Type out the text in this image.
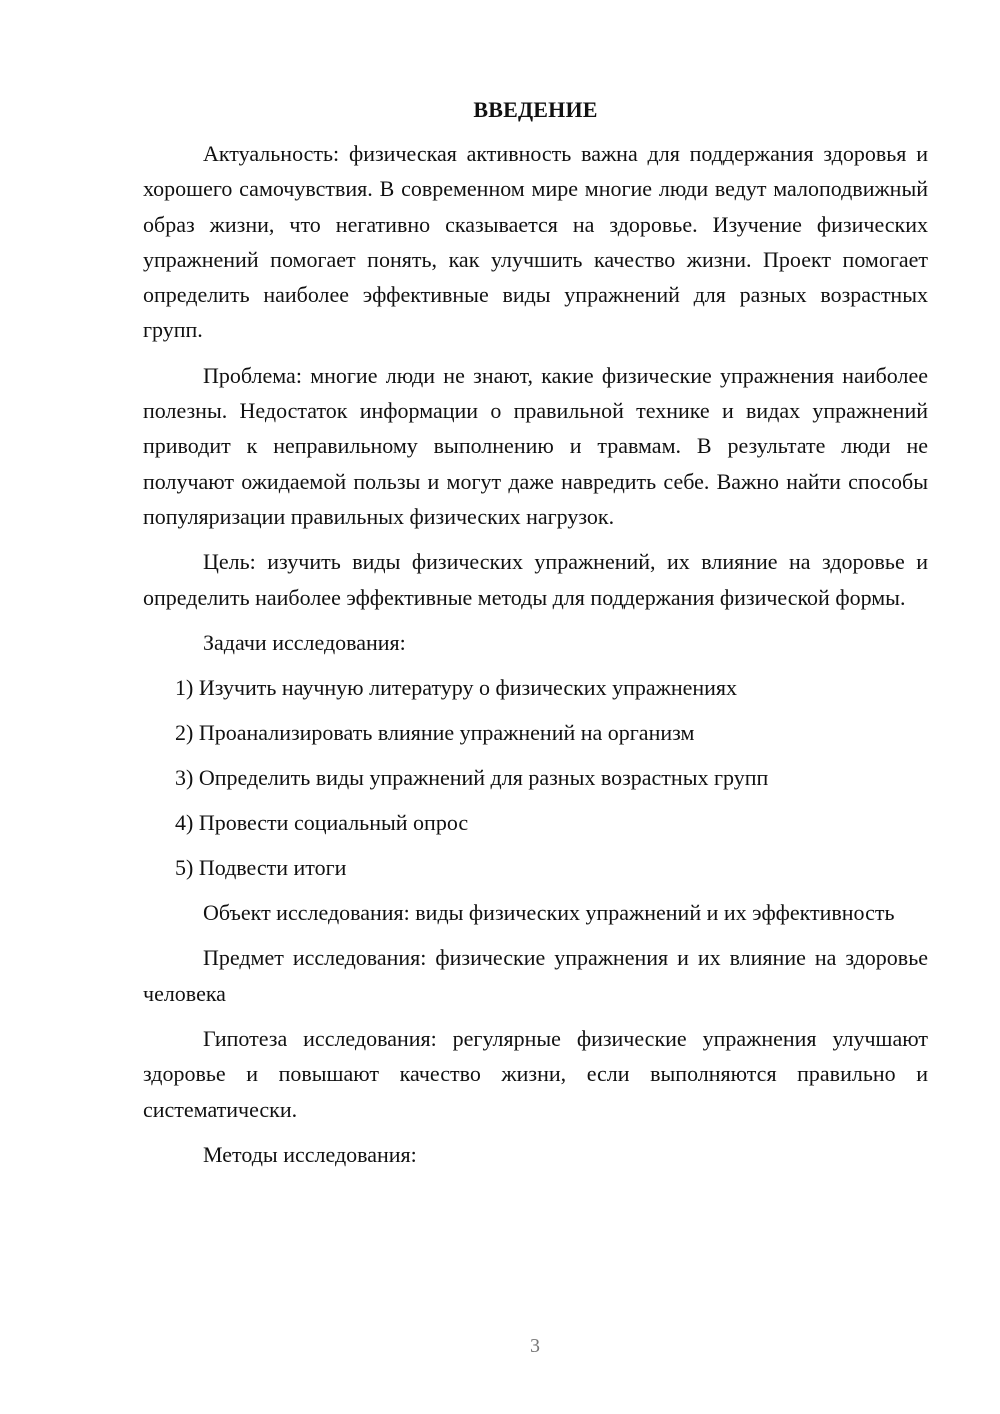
ВВЕДЕНИЕ

Актуальность: физическая активность важна для поддержания здоровья и хорошего самочувствия. В современном мире многие люди ведут малоподвижный образ жизни, что негативно сказывается на здоровье. Изучение физических упражнений помогает понять, как улучшить качество жизни. Проект помогает определить наиболее эффективные виды упражнений для разных возрастных групп.

Проблема: многие люди не знают, какие физические упражнения наиболее полезны. Недостаток информации о правильной технике и видах упражнений приводит к неправильному выполнению и травмам. В результате люди не получают ожидаемой пользы и могут даже навредить себе. Важно найти способы популяризации правильных физических нагрузок.

Цель: изучить виды физических упражнений, их влияние на здоровье и определить наиболее эффективные методы для поддержания физической формы.

Задачи исследования:

1) Изучить научную литературу о физических упражнениях
2) Проанализировать влияние упражнений на организм
3) Определить виды упражнений для разных возрастных групп
4) Провести социальный опрос
5) Подвести итоги

Объект исследования: виды физических упражнений и их эффективность

Предмет исследования: физические упражнения и их влияние на здоровье человека

Гипотеза исследования: регулярные физические упражнения улучшают здоровье и повышают качество жизни, если выполняются правильно и систематически.

Методы исследования:

3
